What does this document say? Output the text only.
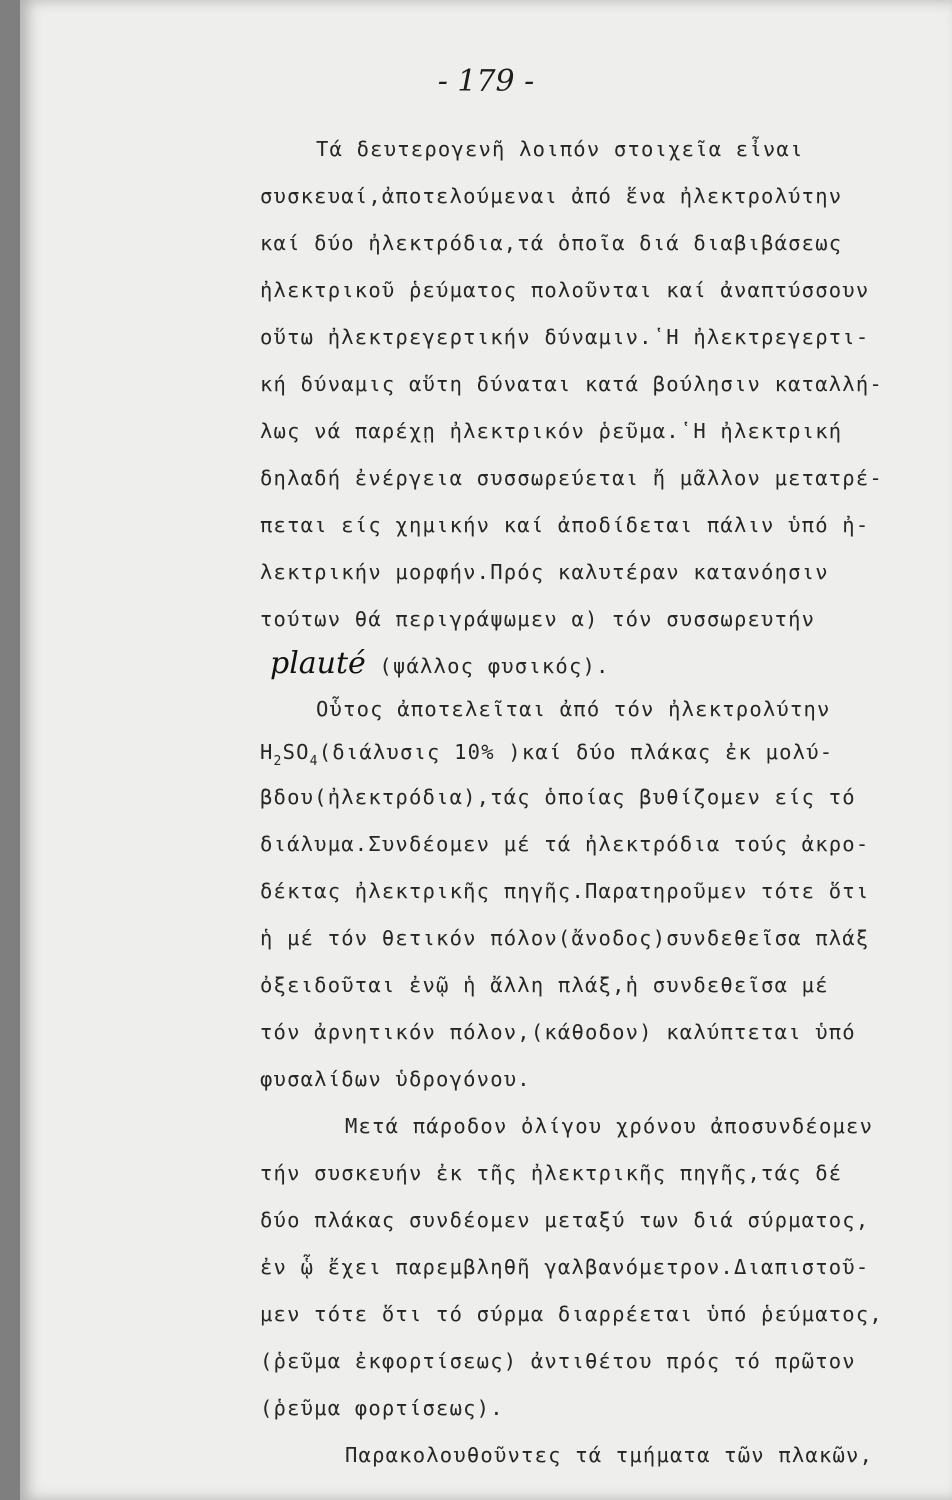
- 179 -
Τά δευτερογενῆ λοιπόν στοιχεῖα εἶναι
συσκευαί,ἀποτελούμεναι ἀπό ἕνα ἠλεκτρολύτην
καί δύο ἠλεκτρόδια,τά ὁποῖα διά διαβιβάσεως
ἠλεκτρικοῦ ῥεύματος πολοῦνται καί ἀναπτύσσουν
οὕτω ἠλεκτρεγερτικήν δύναμιν.῾Η ἠλεκτρεγερτι-
κή δύναμις αὕτη δύναται κατά βούλησιν καταλλή-
λως νά παρέχῃ ἠλεκτρικόν ῥεῦμα.῾Η ἠλεκτρική
δηλαδή ἐνέργεια συσσωρεύεται ἤ μᾶλλον μετατρέ-
πεται είς χημικήν καί ἀποδίδεται πάλιν ὑπό ἠ-
λεκτρικήν μορφήν.Πρός καλυτέραν κατανόησιν
τούτων θά περιγράψωμεν α) τόν συσσωρευτήν
plauté (ψάλλος φυσικός).
Οὗτος ἀποτελεῖται ἀπό τόν ἠλεκτρολύτην
$H_2SO_4(\delta\iota ά\lambda\upsilon\sigma\iota\varsigma$ 10% )καί δύο πλάκας ἐκ μολύ-
βδου(ἠλεκτρόδια),τάς ὁποίας βυθίζομεν είς τό
διάλυμα.Συνδέομεν μέ τά ἠλεκτρόδια τούς ἀκρο-
δέκτας ἠλεκτρικῆς πηγῆς.Παρατηροῦμεν τότε ὅτι
ἡ μέ τόν θετικόν πόλον(ἄνοδος)συνδεθεῖσα πλάξ
ὀξειδοῦται ἐνῷ ἡ ἄλλη πλάξ,ἡ συνδεθεῖσα μέ
τόν ἀρνητικόν πόλον,(κάθοδον) καλύπτεται ὑπό
φυσαλίδων ὑδρογόνου.
Μετά πάροδον ὀλίγου χρόνου ἀποσυνδέομεν
τήν συσκευήν ἐκ τῆς ἠλεκτρικῆς πηγῆς,τάς δέ
δύο πλάκας συνδέομεν μεταξύ των διά σύρματος,
ἐν ᾧ ἔχει παρεμβληθῆ γαλβανόμετρον.Διαπιστοῦ-
μεν τότε ὅτι τό σύρμα διαρρέεται ὑπό ῥεύματος,
(ῥεῦμα ἐκφορτίσεως) ἀντιθέτου πρός τό πρῶτον
(ῥεῦμα φορτίσεως).
Παρακολουθοῦντες τά τμήματα τῶν πλακῶν,
